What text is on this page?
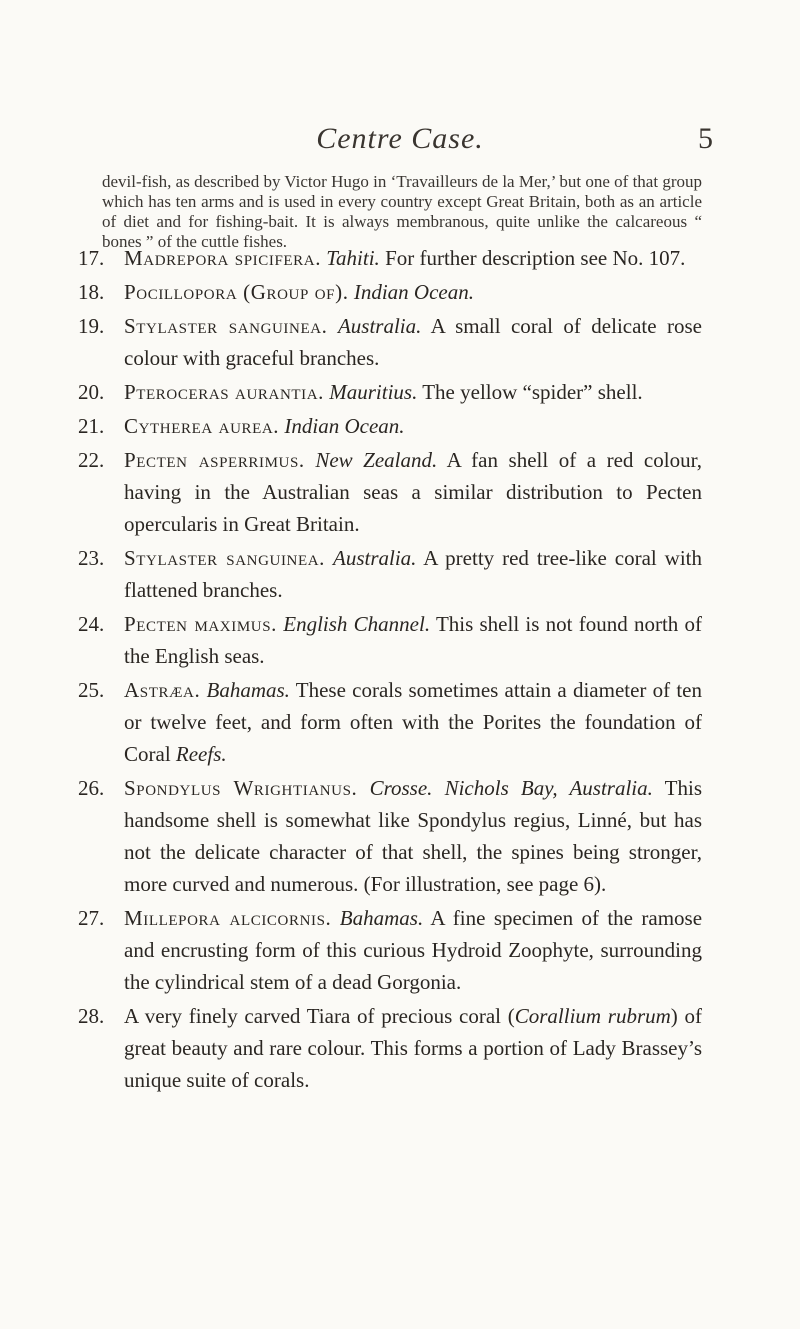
Centre Case.	5
devil-fish, as described by Victor Hugo in ‘Travailleurs de la Mer,’ but one of that group which has ten arms and is used in every country except Great Britain, both as an article of diet and for fishing-bait. It is always membranous, quite unlike the calcareous “ bones ” of the cuttle fishes.
17. Madrepora spicifera. Tahiti. For further description see No. 107.
18. Pocillopora (Group of). Indian Ocean.
19. Stylaster sanguinea. Australia. A small coral of delicate rose colour with graceful branches.
20. Pteroceras aurantia. Mauritius. The yellow “spider” shell.
21. Cytherea aurea. Indian Ocean.
22. Pecten asperrimus. New Zealand. A fan shell of a red colour, having in the Australian seas a similar distribution to Pecten opercularis in Great Britain.
23. Stylaster sanguinea. Australia. A pretty red tree-like coral with flattened branches.
24. Pecten maximus. English Channel. This shell is not found north of the English seas.
25. Astræa. Bahamas. These corals sometimes attain a diameter of ten or twelve feet, and form often with the Porites the foundation of Coral Reefs.
26. Spondylus Wrightianus. Crosse. Nichols Bay, Australia. This handsome shell is somewhat like Spondylus regius, Linné, but has not the delicate character of that shell, the spines being stronger, more curved and numerous. (For illustration, see page 6).
27. Millepora alcicornis. Bahamas. A fine specimen of the ramose and encrusting form of this curious Hydroid Zoophyte, surrounding the cylindrical stem of a dead Gorgonia.
28. A very finely carved Tiara of precious coral (Corallium rubrum) of great beauty and rare colour. This forms a portion of Lady Brassey’s unique suite of corals.
